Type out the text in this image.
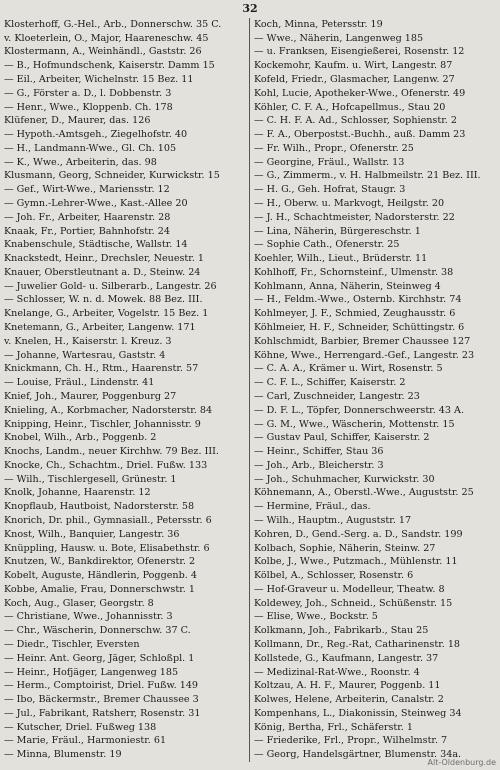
32
Klosterhoff, G.-Hel., Arb., Donnerschw. 35 C.
v. Kloeterlein, O., Major, Haareneschw. 45
Klostermann, A., Weinhändl., Gaststr. 26
— B., Hofmundschenk, Kaiserstr. Damm 15
— Eil., Arbeiter, Wichelnstr. 15 Bez. 11
— G., Förster a. D., l. Dobbenstr. 3
— Henr., Wwe., Kloppenb. Ch. 178
Klüfener, D., Maurer, das. 126
— Hypoth.-Amtsgeh., Ziegelhofstr. 40
— H., Landmann-Wwe., Gl. Ch. 105
— K., Wwe., Arbeiterin, das. 98
Klusmann, Georg, Schneider, Kurwickstr. 15
— Gef., Wirt-Wwe., Mariensstr. 12
— Gymn.-Lehrer-Wwe., Kast.-Allee 20
— Joh. Fr., Arbeiter, Haarenstr. 28
Knaak, Fr., Portier, Bahnhofstr. 24
Knabenschule, Städtische, Wallstr. 14
Knackstedt, Heinr., Drechsler, Neuestr. 1
Knauer, Oberstleutnant a. D., Steinw. 24
— Juwelier Gold- u. Silberarb., Langestr. 26
— Schlosser, W. n. d. Mowek. 88 Bez. III.
Knelange, G., Arbeiter, Vogelstr. 15 Bez. 1
Knetemann, G., Arbeiter, Langenw. 171
v. Knelen, H., Kaiserstr. l. Kreuz. 3
— Johanne, Wartesrau, Gaststr. 4
Knickmann, Ch. H., Rtm., Haarenstr. 57
— Louise, Fräul., Lindenstr. 41
Knief, Joh., Maurer, Poggenburg 27
Knieling, A., Korbmacher, Nadorsterstr. 84
Knipping, Heinr., Tischler, Johannisstr. 9
Knobel, Wilh., Arb., Poggenb. 2
Knochs, Landm., neuer Kirchhw. 79 Bez. III.
Knocke, Ch., Schachtm., Driel. Fußw. 133
— Wilh., Tischlergesell, Grünestr. 1
Knolk, Johanne, Haarenstr. 12
Knopflaub, Hautboist, Nadorsterstr. 58
Knorich, Dr. phil., Gymnasiall., Petersstr. 6
Knost, Wilh., Banquier, Langestr. 36
Knüppling, Hausw. u. Bote, Elisabethstr. 6
Knutzen, W., Bankdirektor, Ofenerstr. 2
Kobelt, Auguste, Händlerin, Poggenb. 4
Kobbe, Amalie, Frau, Donnerschwstr. 1
Koch, Aug., Glaser, Georgstr. 8
— Christiane, Wwe., Johannisstr. 3
— Chr., Wäscherin, Donnerschw. 37 C.
— Diedr., Tischler, Eversten
— Heinr. Ant. Georg, Jäger, Schloßpl. 1
— Heinr., Hofjäger, Langenweg 185
— Herm., Comptoirist, Driel. Fußw. 149
— Ibo, Bäckermstr., Bremer Chaussee 3
— Jul., Fabrikant, Ratsherr, Rosenstr. 31
— Kutscher, Driel. Fußweg 138
— Marie, Fräul., Harmoniestr. 61
— Minna, Blumenstr. 19
Koch, Minna, Petersstr. 19
— Wwe., Näherin, Langenweg 185
— u. Franksen, Eisengießerei, Rosenstr. 12
Kockemohr, Kaufm. u. Wirt, Langestr. 87
Kofeld, Friedr., Glasmacher, Langenw. 27
Kohl, Lucie, Apotheker-Wwe., Ofenerstr. 49
Köhler, C. F. A., Hofcapellmus., Stau 20
— C. H. F. A. Ad., Schlosser, Sophienstr. 2
— F. A., Oberpostst.-Buchh., auß. Damm 23
— Fr. Wilh., Propr., Ofenerstr. 25
— Georgine, Fräul., Wallstr. 13
— G., Zimmerm., v. H. Halbmeilstr. 21 Bez. III.
— H. G., Geh. Hofrat, Staugr. 3
— H., Oberw. u. Markvogt, Heilgstr. 20
— J. H., Schachtmeister, Nadorsterstr. 22
— Lina, Näherin, Bürgereschstr. 1
— Sophie Cath., Ofenerstr. 25
Koehler, Wilh., Lieut., Brüderstr. 11
Kohlhoff, Fr., Schornsteinf., Ulmenstr. 38
Kohlmann, Anna, Näherin, Steinweg 4
— H., Feldm.-Wwe., Osternb. Kirchhstr. 74
Kohlmeyer, J. F., Schmied, Zeughausstr. 6
Köhlmeier, H. F., Schneider, Schüttingstr. 6
Kohlschmidt, Barbier, Bremer Chaussee 127
Köhne, Wwe., Herrengard.-Gef., Langestr. 23
— C. A. A., Krämer u. Wirt, Rosenstr. 5
— C. F. L., Schiffer, Kaiserstr. 2
— Carl, Zuschneider, Langestr. 23
— D. F. L., Töpfer, Donnerschweerstr. 43 A.
— G. M., Wwe., Wäscherin, Mottenstr. 15
— Gustav Paul, Schiffer, Kaiserstr. 2
— Heinr., Schiffer, Stau 36
— Joh., Arb., Bleicherstr. 3
— Joh., Schuhmacher, Kurwickstr. 30
Köhnemann, A., Oberstl.-Wwe., Auguststr. 25
— Hermine, Fräul., das.
— Wilh., Hauptm., Auguststr. 17
Kohren, D., Gend.-Serg. a. D., Sandstr. 199
Kolbach, Sophie, Näherin, Steinw. 27
Kolbe, J., Wwe., Putzmach., Mühlenstr. 11
Kölbel, A., Schlosser, Rosenstr. 6
— Hof-Graveur u. Modelleur, Theatw. 8
Koldewey, Joh., Schneid., Schüßenstr. 15
— Elise, Wwe., Bockstr. 5
Kolkmann, Joh., Fabrikarb., Stau 25
Kollmann, Dr., Reg.-Rat, Catharinenstr. 18
Kollstede, G., Kaufmann, Langestr. 37
— Medizinal-Rat-Wwe., Roonstr. 4
Koltzau, A. H. F., Maurer, Poggenb. 11
Kolwes, Helene, Arbeiterin, Canalstr. 2
Kompenhans, L., Diakonissin, Steinweg 34
König, Bertha, Frl., Schäferstr. 1
— Friederike, Frl., Propr., Wilhelmstr. 7
— Georg, Handelsgärtner, Blumenstr. 34a.
Alt-Oldenburg.de
